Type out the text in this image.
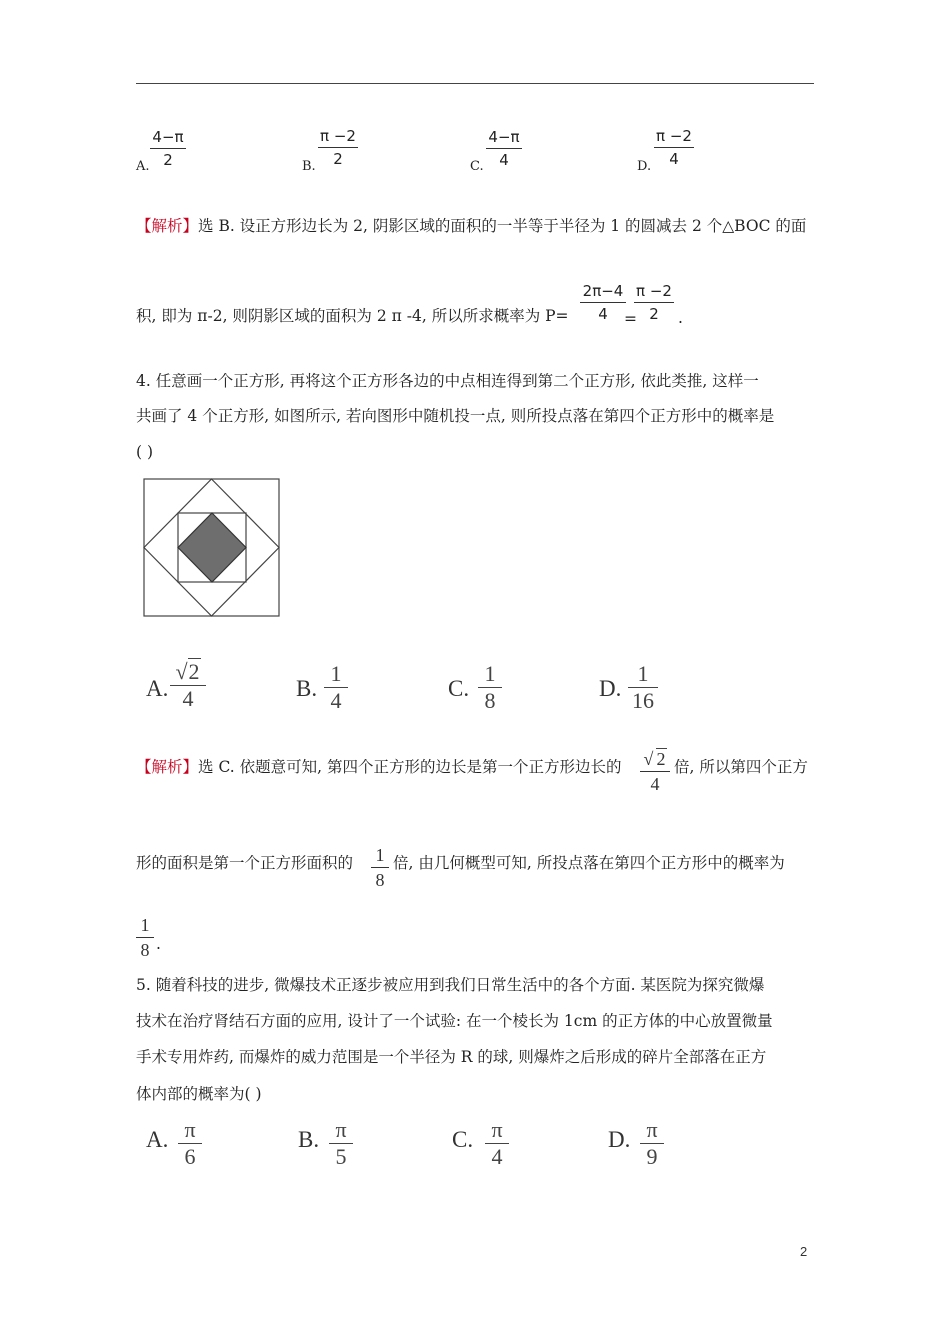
A.
4−π
2	B.
π −2
2	C.
4−π
4	D.
π −2
4
【解析】选 B. 设正方形边长为 2, 阴影区域的面积的一半等于半径为 1 的圆减去 2 个△BOC 的面
积, 即为 π-2, 则阴影区域的面积为 2 π -4, 所以所求概率为 P=
2π−4
4	=
π −2
2	.
4. 任意画一个正方形, 再将这个正方形各边的中点相连得到第二个正方形, 依此类推, 这样一
共画了 4 个正方形, 如图所示, 若向图形中随机投一点, 则所投点落在第四个正方形中的概率是
( )
A.
√ 2
4	B.
1
4	C.
1
8	D.
1
16
【解析】选 C. 依题意可知, 第四个正方形的边长是第一个正方形边长的 √ 2
4
倍, 所以第四个正方
形的面积是第一个正方形面积的 1
8
倍, 由几何概型可知, 所投点落在第四个正方形中的概率为
1
8 .
5. 随着科技的进步, 微爆技术正逐步被应用到我们日常生活中的各个方面. 某医院为探究微爆
技术在治疗肾结石方面的应用, 设计了一个试验: 在一个棱长为 1cm 的正方体的中心放置微量
手术专用炸药, 而爆炸的威力范围是一个半径为 R 的球, 则爆炸之后形成的碎片全部落在正方
体内部的概率为( )
A. π
6
B. π
5
C. π
4
D. π
9
2
